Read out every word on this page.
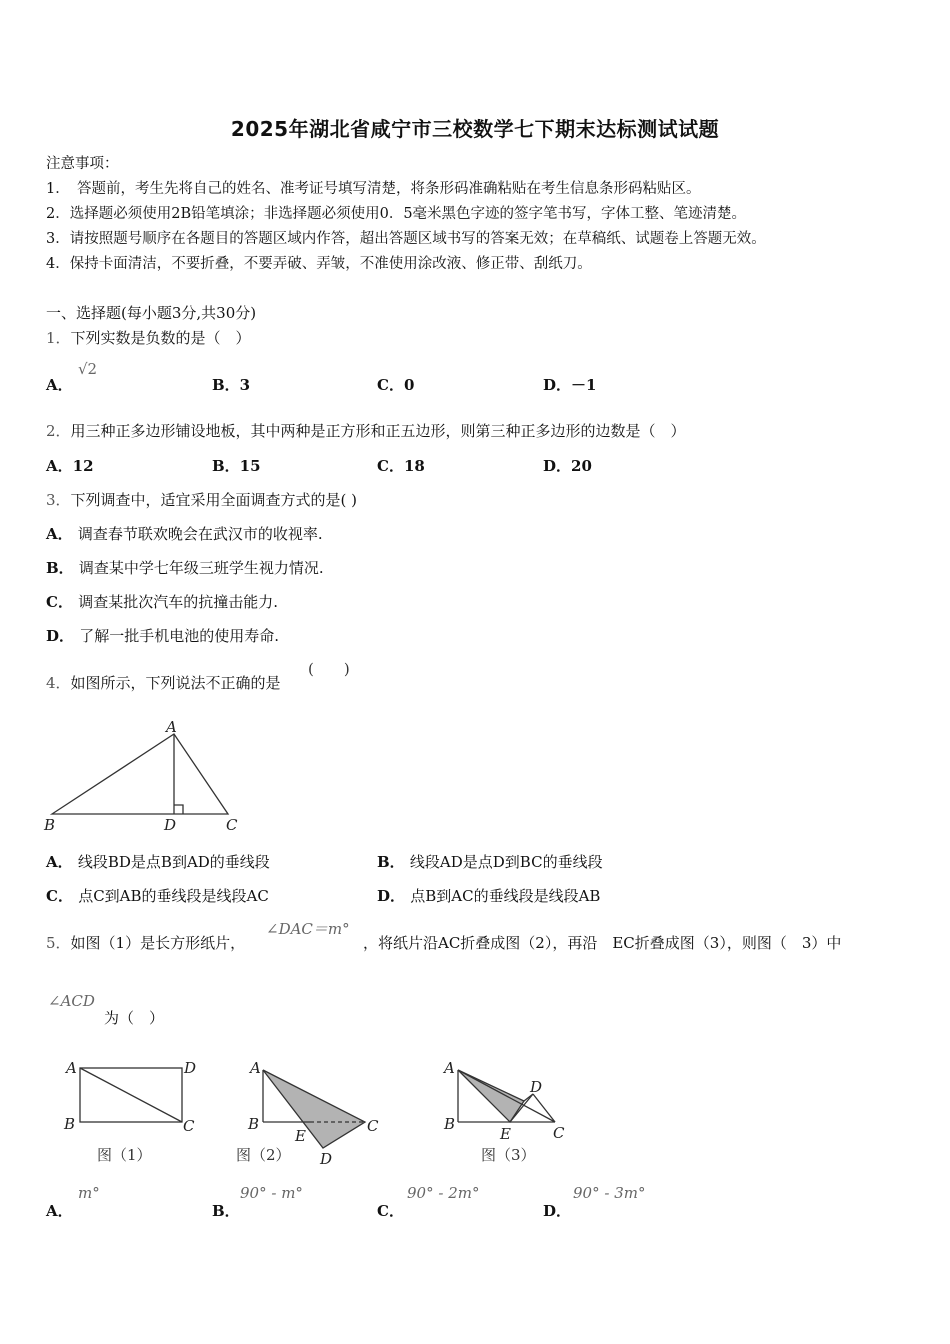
2025年湖北省咸宁市三校数学七下期末达标测试试题
注意事项：
1．　答题前，考生先将自己的姓名、准考证号填写清楚，将条形码准确粘贴在考生信息条形码粘贴区。
2．选择题必须使用2B铅笔填涂；非选择题必须使用0．5毫米黑色字迹的签字笔书写，字体工整、笔迹清楚。
3．请按照题号顺序在各题目的答题区域内作答，超出答题区域书写的答案无效；在草稿纸、试题卷上答题无效。
4．保持卡面清洁，不要折叠，不要弄破、弄皱，不准使用涂改液、修正带、刮纸刀。
一、选择题(每小题3分,共30分)
1．下列实数是负数的是（　）
A．
√2
B．3	C．0	D．－1
2．用三种正多边形铺设地板，其中两种是正方形和正五边形，则第三种正多边形的边数是（　）
A．12	B．15	C．18	D．20
3．下列调查中，适宜采用全面调查方式的是( )
A． 调查春节联欢晚会在武汉市的收视率.
B． 调查某中学七年级三班学生视力情况.
C． 调查某批次汽车的抗撞击能力.
D． 了解一批手机电池的使用寿命.
4．如图所示，下列说法不正确的是
(　　)
A
B	D	C
A． 线段BD是点B到AD的垂线段	B． 线段AD是点D到BC的垂线段
C． 点C到AB的垂线段是线段AC	D． 点B到AC的垂线段是线段AB
5．如图（1）是长方形纸片，
∠DAC＝m°
，将纸片沿AC折叠成图（2），再沿　EC折叠成图（3），则图（　3）中
∠ACD
为（　）
A	D
B	C
图（1）
A
B
E
C
D
图（2）
A
B
E	C
D
图（3）
A．
m°
B．
90° - m°
C．
90° - 2m°
D．
90° - 3m°
